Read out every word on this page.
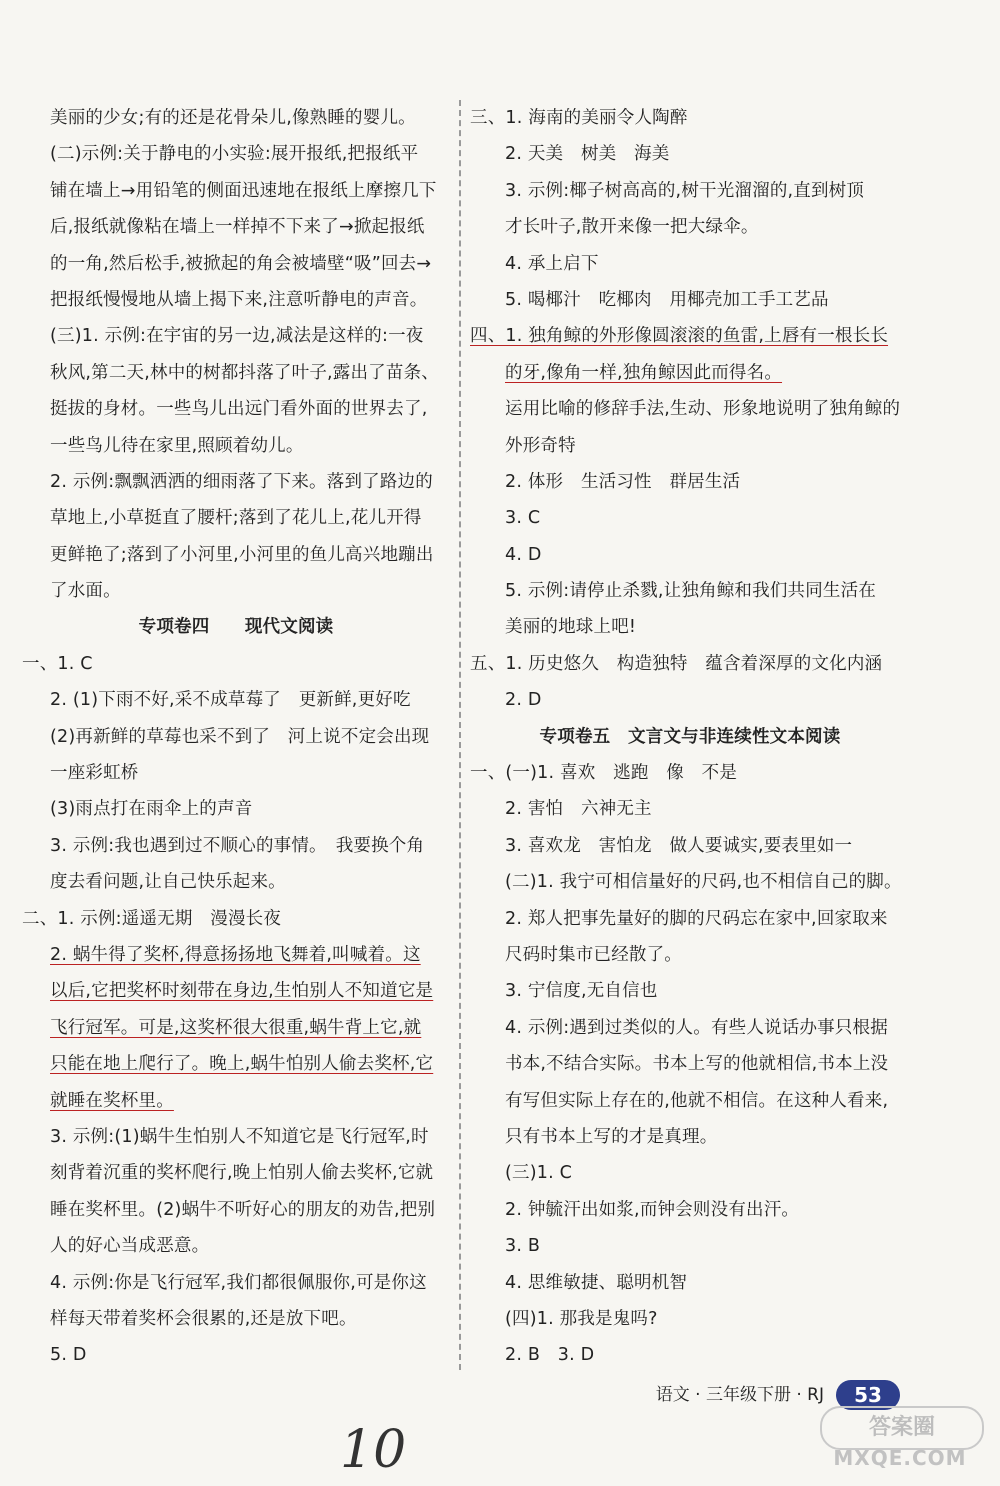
美丽的少女;有的还是花骨朵儿,像熟睡的婴儿。
(二)示例:关于静电的小实验:展开报纸,把报纸平
铺在墙上→用铅笔的侧面迅速地在报纸上摩擦几下
后,报纸就像粘在墙上一样掉不下来了→掀起报纸
的一角,然后松手,被掀起的角会被墙壁“吸”回去→
把报纸慢慢地从墙上揭下来,注意听静电的声音。
(三)1. 示例:在宇宙的另一边,减法是这样的:一夜
秋风,第二天,林中的树都抖落了叶子,露出了苗条、
挺拔的身材。一些鸟儿出远门看外面的世界去了,
一些鸟儿待在家里,照顾着幼儿。
2. 示例:飘飘洒洒的细雨落了下来。落到了路边的
草地上,小草挺直了腰杆;落到了花儿上,花儿开得
更鲜艳了;落到了小河里,小河里的鱼儿高兴地蹦出
了水面。
专项卷四　　现代文阅读
一、1. C
2. (1)下雨不好,采不成草莓了　更新鲜,更好吃
(2)再新鲜的草莓也采不到了　河上说不定会出现
一座彩虹桥
(3)雨点打在雨伞上的声音
3. 示例:我也遇到过不顺心的事情。　我要换个角
度去看问题,让自己快乐起来。
二、1. 示例:遥遥无期　漫漫长夜
2. 蜗牛得了奖杯,得意扬扬地飞舞着,叫喊着。这
以后,它把奖杯时刻带在身边,生怕别人不知道它是
飞行冠军。可是,这奖杯很大很重,蜗牛背上它,就
只能在地上爬行了。晚上,蜗牛怕别人偷去奖杯,它
就睡在奖杯里。
3. 示例:(1)蜗牛生怕别人不知道它是飞行冠军,时
刻背着沉重的奖杯爬行,晚上怕别人偷去奖杯,它就
睡在奖杯里。(2)蜗牛不听好心的朋友的劝告,把别
人的好心当成恶意。
4. 示例:你是飞行冠军,我们都很佩服你,可是你这
样每天带着奖杯会很累的,还是放下吧。
5. D
三、1. 海南的美丽令人陶醉
2. 天美　树美　海美
3. 示例:椰子树高高的,树干光溜溜的,直到树顶
才长叶子,散开来像一把大绿伞。
4. 承上启下
5. 喝椰汁　吃椰肉　用椰壳加工手工艺品
四、1. 独角鲸的外形像圆滚滚的鱼雷,上唇有一根长长
的牙,像角一样,独角鲸因此而得名。
运用比喻的修辞手法,生动、形象地说明了独角鲸的
外形奇特
2. 体形　生活习性　群居生活
3. C
4. D
5. 示例:请停止杀戮,让独角鲸和我们共同生活在
美丽的地球上吧!
五、1. 历史悠久　构造独特　蕴含着深厚的文化内涵
2. D
专项卷五　文言文与非连续性文本阅读
一、(一)1. 喜欢　逃跑　像　不是
2. 害怕　六神无主
3. 喜欢龙　害怕龙　做人要诚实,要表里如一
(二)1. 我宁可相信量好的尺码,也不相信自己的脚。
2. 郑人把事先量好的脚的尺码忘在家中,回家取来
尺码时集市已经散了。
3. 宁信度,无自信也
4. 示例:遇到过类似的人。有些人说话办事只根据
书本,不结合实际。书本上写的他就相信,书本上没
有写但实际上存在的,他就不相信。在这种人看来,
只有书本上写的才是真理。
(三)1. C
2. 钟毓汗出如浆,而钟会则没有出汗。
3. B
4. 思维敏捷、聪明机智
(四)1. 那我是鬼吗?
2. B　3. D
语文 · 三年级下册 · RJ	53
10	答案圈
MXQE.COM
